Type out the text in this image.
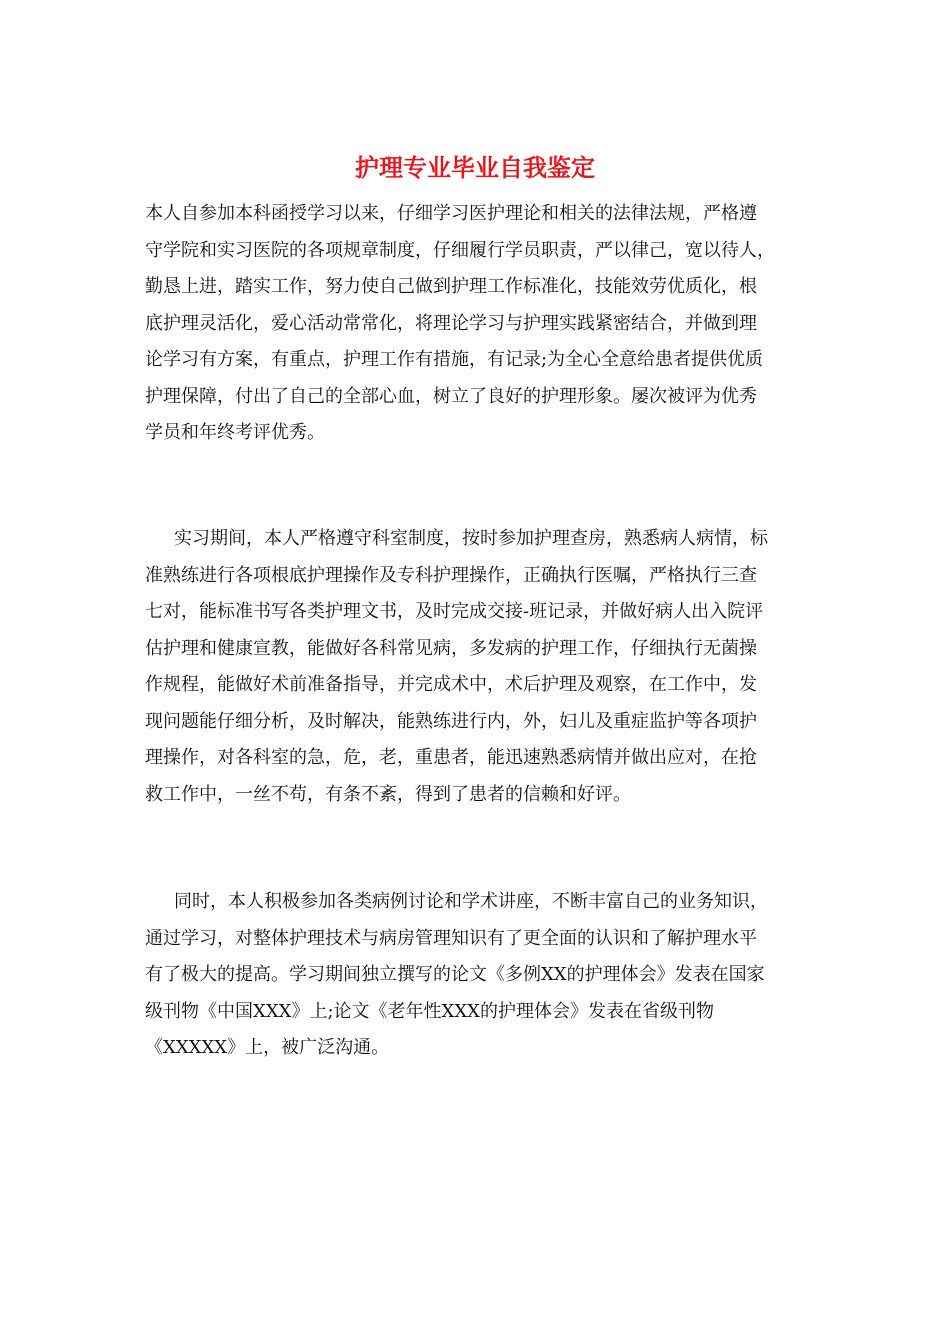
护理专业毕业自我鉴定
本人自参加本科函授学习以来，仔细学习医护理论和相关的法律法规，严格遵
守学院和实习医院的各项规章制度，仔细履行学员职责，严以律己，宽以待人，
勤恳上进，踏实工作，努力使自己做到护理工作标准化，技能效劳优质化，根
底护理灵活化，爱心活动常常化，将理论学习与护理实践紧密结合，并做到理
论学习有方案，有重点，护理工作有措施，有记录;为全心全意给患者提供优质
护理保障，付出了自己的全部心血，树立了良好的护理形象。屡次被评为优秀
学员和年终考评优秀。
实习期间，本人严格遵守科室制度，按时参加护理查房，熟悉病人病情，标
准熟练进行各项根底护理操作及专科护理操作，正确执行医嘱，严格执行三查
七对，能标准书写各类护理文书，及时完成交接-班记录，并做好病人出入院评
估护理和健康宣教，能做好各科常见病，多发病的护理工作，仔细执行无菌操
作规程，能做好术前准备指导，并完成术中，术后护理及观察，在工作中，发
现问题能仔细分析，及时解决，能熟练进行内，外，妇儿及重症监护等各项护
理操作，对各科室的急，危，老，重患者，能迅速熟悉病情并做出应对，在抢
救工作中，一丝不苟，有条不紊，得到了患者的信赖和好评。
同时，本人积极参加各类病例讨论和学术讲座，不断丰富自己的业务知识，
通过学习，对整体护理技术与病房管理知识有了更全面的认识和了解护理水平
有了极大的提高。学习期间独立撰写的论文《多例XX的护理体会》发表在国家
级刊物《中国XXX》上;论文《老年性XXX的护理体会》发表在省级刊物
《XXXXX》上，被广泛沟通。
